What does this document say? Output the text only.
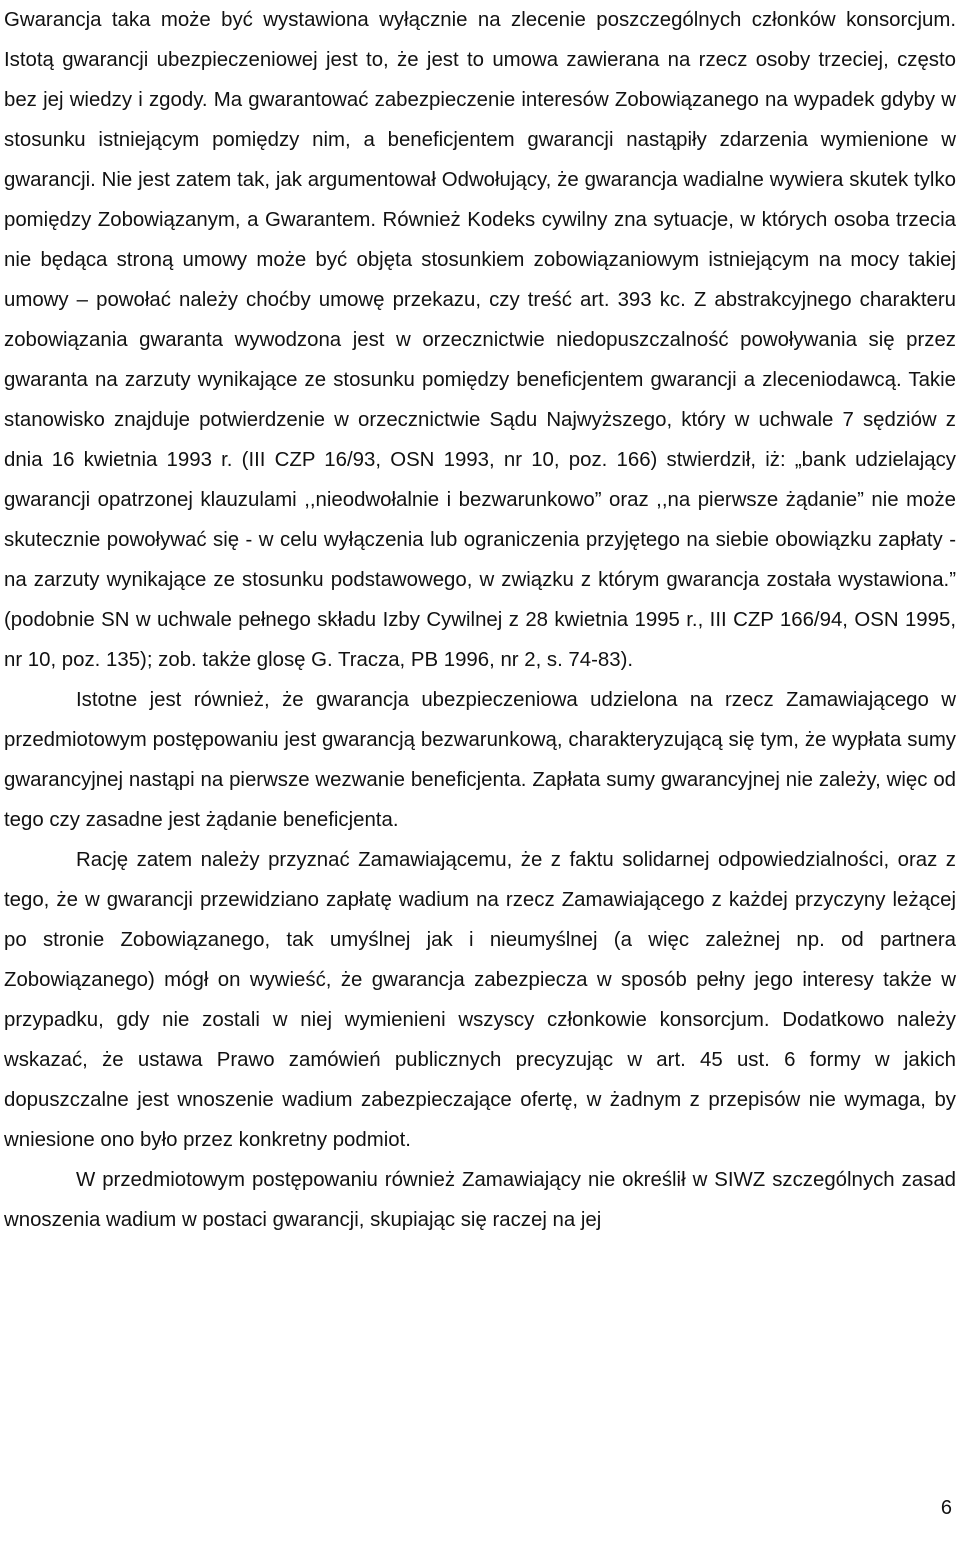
Gwarancja taka może być wystawiona wyłącznie na zlecenie poszczególnych członków konsorcjum. Istotą gwarancji ubezpieczeniowej jest to, że jest to umowa zawierana na rzecz osoby trzeciej, często bez jej wiedzy i zgody. Ma gwarantować zabezpieczenie interesów Zobowiązanego na wypadek gdyby w stosunku istniejącym pomiędzy nim, a beneficjentem gwarancji nastąpiły zdarzenia wymienione w gwarancji. Nie jest zatem tak, jak argumentował Odwołujący, że gwarancja wadialne wywiera skutek tylko pomiędzy Zobowiązanym, a Gwarantem. Również Kodeks cywilny zna sytuacje, w których osoba trzecia nie będąca stroną umowy może być objęta stosunkiem zobowiązaniowym istniejącym na mocy takiej umowy – powołać należy choćby umowę przekazu, czy treść art. 393 kc. Z abstrakcyjnego charakteru zobowiązania gwaranta wywodzona jest w orzecznictwie niedopuszczalność powoływania się przez gwaranta na zarzuty wynikające ze stosunku pomiędzy beneficjentem gwarancji a zleceniodawcą. Takie stanowisko znajduje potwierdzenie w orzecznictwie Sądu Najwyższego, który w uchwale 7 sędziów z dnia 16 kwietnia 1993 r. (III CZP 16/93, OSN 1993, nr 10, poz. 166) stwierdził, iż: „bank udzielający gwarancji opatrzonej klauzulami ,,nieodwołalnie i bezwarunkowo” oraz ,,na pierwsze żądanie” nie może skutecznie powoływać się - w celu wyłączenia lub ograniczenia przyjętego na siebie obowiązku zapłaty - na zarzuty wynikające ze stosunku podstawowego, w związku z którym gwarancja została wystawiona.” (podobnie SN w uchwale pełnego składu Izby Cywilnej z 28 kwietnia 1995 r., III CZP 166/94, OSN 1995, nr 10, poz. 135); zob. także glosę G. Tracza, PB 1996, nr 2, s. 74-83).

Istotne jest również, że gwarancja ubezpieczeniowa udzielona na rzecz Zamawiającego w przedmiotowym postępowaniu jest gwarancją bezwarunkową, charakteryzującą się tym, że wypłata sumy gwarancyjnej nastąpi na pierwsze wezwanie beneficjenta. Zapłata sumy gwarancyjnej nie zależy, więc od tego czy zasadne jest żądanie beneficjenta.

Rację zatem należy przyznać Zamawiającemu, że z faktu solidarnej odpowiedzialności, oraz z tego, że w gwarancji przewidziano zapłatę wadium na rzecz Zamawiającego z każdej przyczyny leżącej po stronie Zobowiązanego, tak umyślnej jak i nieumyślnej (a więc zależnej np. od partnera Zobowiązanego) mógł on wywieść, że gwarancja zabezpiecza w sposób pełny jego interesy także w przypadku, gdy nie zostali w niej wymienieni wszyscy członkowie konsorcjum. Dodatkowo należy wskazać, że ustawa Prawo zamówień publicznych precyzując w art. 45 ust. 6 formy w jakich dopuszczalne jest wnoszenie wadium zabezpieczające ofertę, w żadnym z przepisów nie wymaga, by wniesione ono było przez konkretny podmiot.

W przedmiotowym postępowaniu również Zamawiający nie określił w SIWZ szczególnych zasad wnoszenia wadium w postaci gwarancji, skupiając się raczej na jej

6
